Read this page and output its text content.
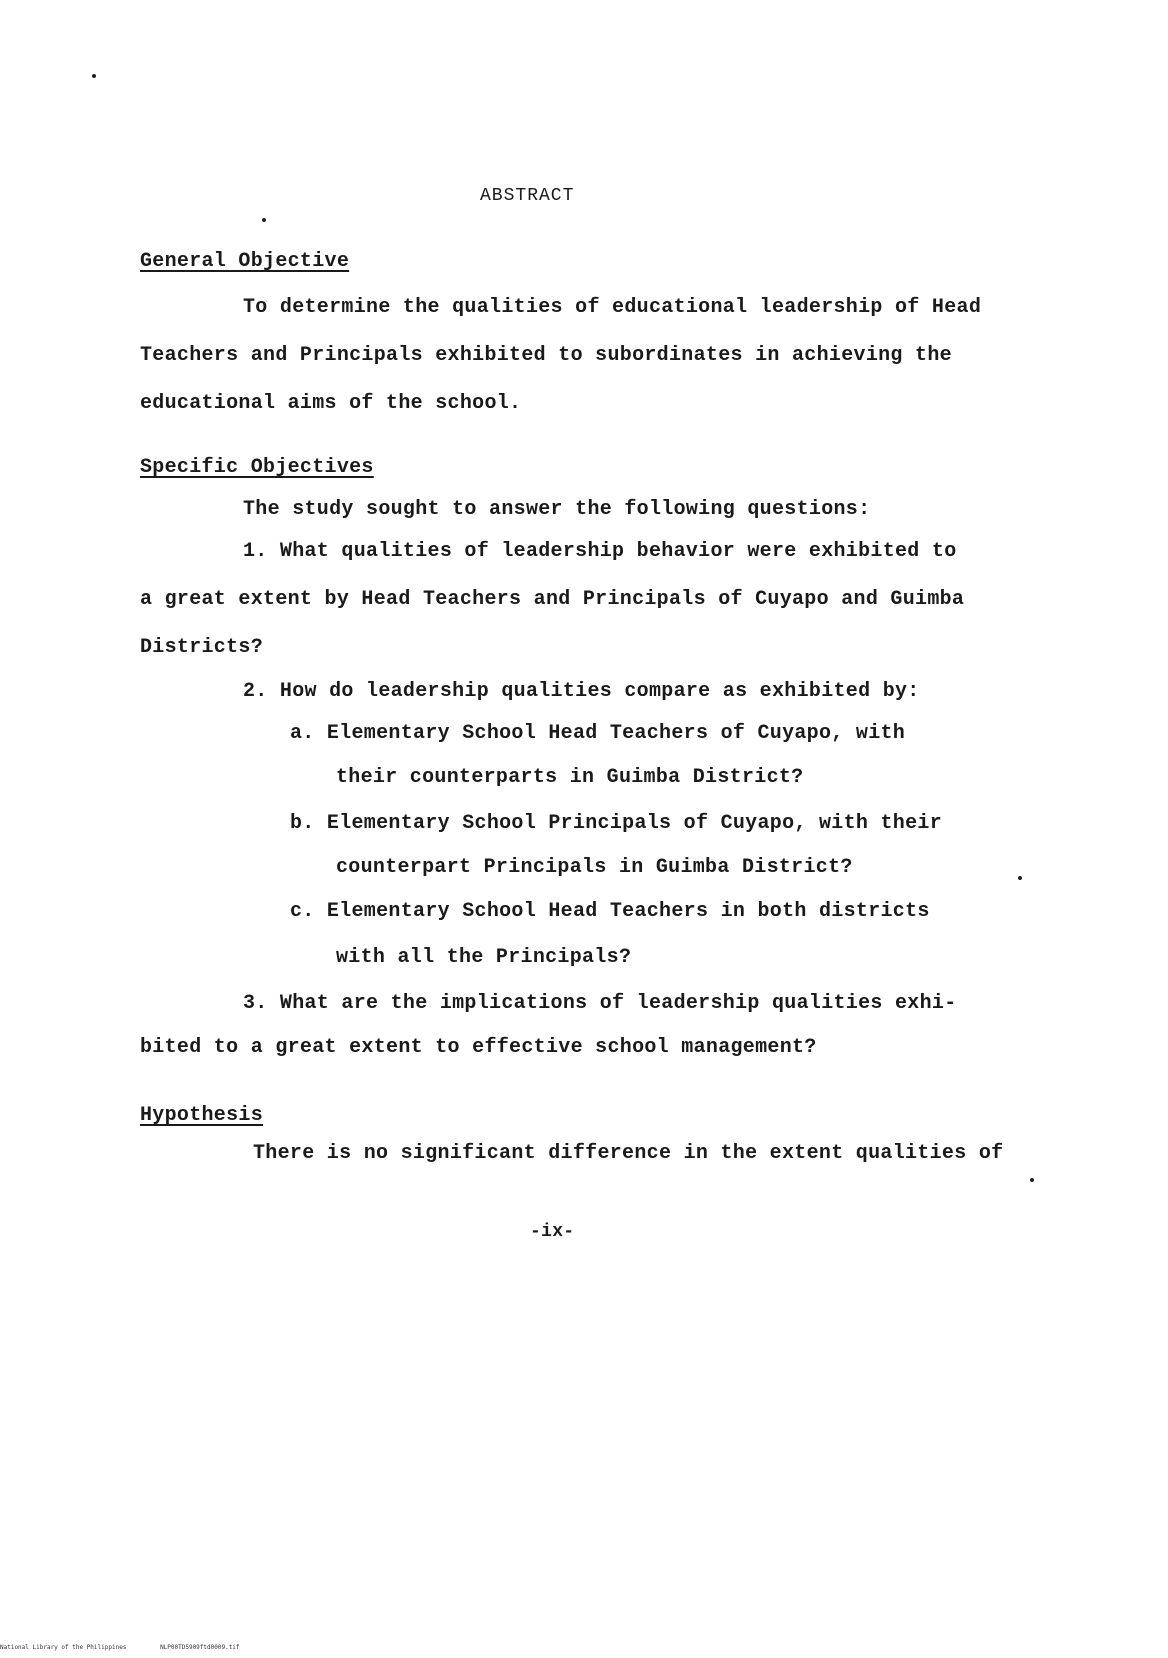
ABSTRACT
General Objective
To determine the qualities of educational leadership of Head
Teachers and Principals exhibited to subordinates in achieving the
educational aims of the school.
Specific Objectives
The study sought to answer the following questions:
1. What qualities of leadership behavior were exhibited to
a great extent by Head Teachers and Principals of Cuyapo and Guimba
Districts?
2. How do leadership qualities compare as exhibited by:
a. Elementary School Head Teachers of Cuyapo, with
their counterparts in Guimba District?
b. Elementary School Principals of Cuyapo, with their
counterpart Principals in Guimba District?
c. Elementary School Head Teachers in both districts
with all the Principals?
3. What are the implications of leadership qualities exhi-
bited to a great extent to effective school management?
Hypothesis
There is no significant difference in the extent qualities of
-ix-
National Library of the Philippines	NLP00TD5909ftd0009.tif
